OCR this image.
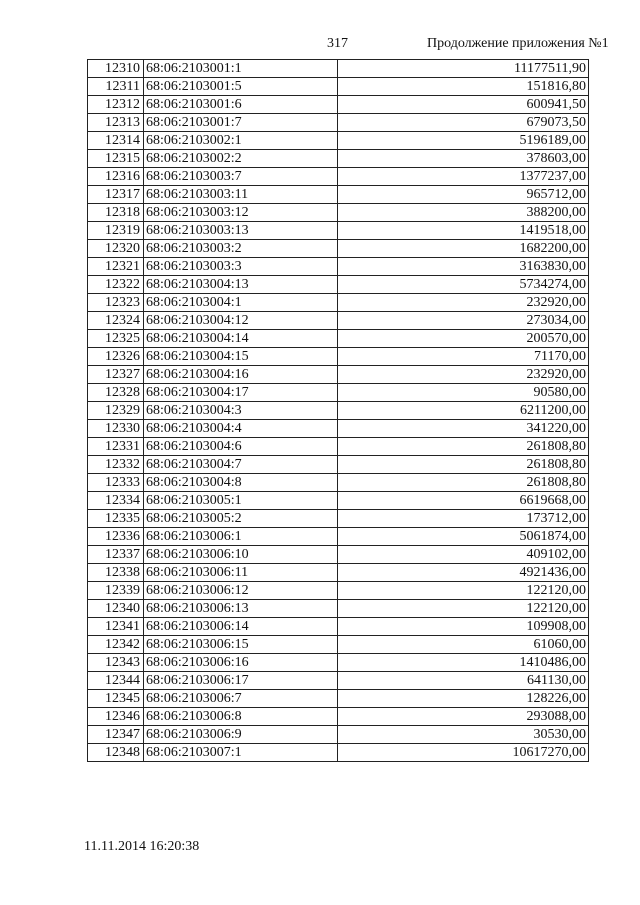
317	Продолжение приложения №1
12310	68:06:2103001:1	11177511,90
12311	68:06:2103001:5	151816,80
12312	68:06:2103001:6	600941,50
12313	68:06:2103001:7	679073,50
12314	68:06:2103002:1	5196189,00
12315	68:06:2103002:2	378603,00
12316	68:06:2103003:7	1377237,00
12317	68:06:2103003:11	965712,00
12318	68:06:2103003:12	388200,00
12319	68:06:2103003:13	1419518,00
12320	68:06:2103003:2	1682200,00
12321	68:06:2103003:3	3163830,00
12322	68:06:2103004:13	5734274,00
12323	68:06:2103004:1	232920,00
12324	68:06:2103004:12	273034,00
12325	68:06:2103004:14	200570,00
12326	68:06:2103004:15	71170,00
12327	68:06:2103004:16	232920,00
12328	68:06:2103004:17	90580,00
12329	68:06:2103004:3	6211200,00
12330	68:06:2103004:4	341220,00
12331	68:06:2103004:6	261808,80
12332	68:06:2103004:7	261808,80
12333	68:06:2103004:8	261808,80
12334	68:06:2103005:1	6619668,00
12335	68:06:2103005:2	173712,00
12336	68:06:2103006:1	5061874,00
12337	68:06:2103006:10	409102,00
12338	68:06:2103006:11	4921436,00
12339	68:06:2103006:12	122120,00
12340	68:06:2103006:13	122120,00
12341	68:06:2103006:14	109908,00
12342	68:06:2103006:15	61060,00
12343	68:06:2103006:16	1410486,00
12344	68:06:2103006:17	641130,00
12345	68:06:2103006:7	128226,00
12346	68:06:2103006:8	293088,00
12347	68:06:2103006:9	30530,00
12348	68:06:2103007:1	10617270,00
11.11.2014 16:20:38
